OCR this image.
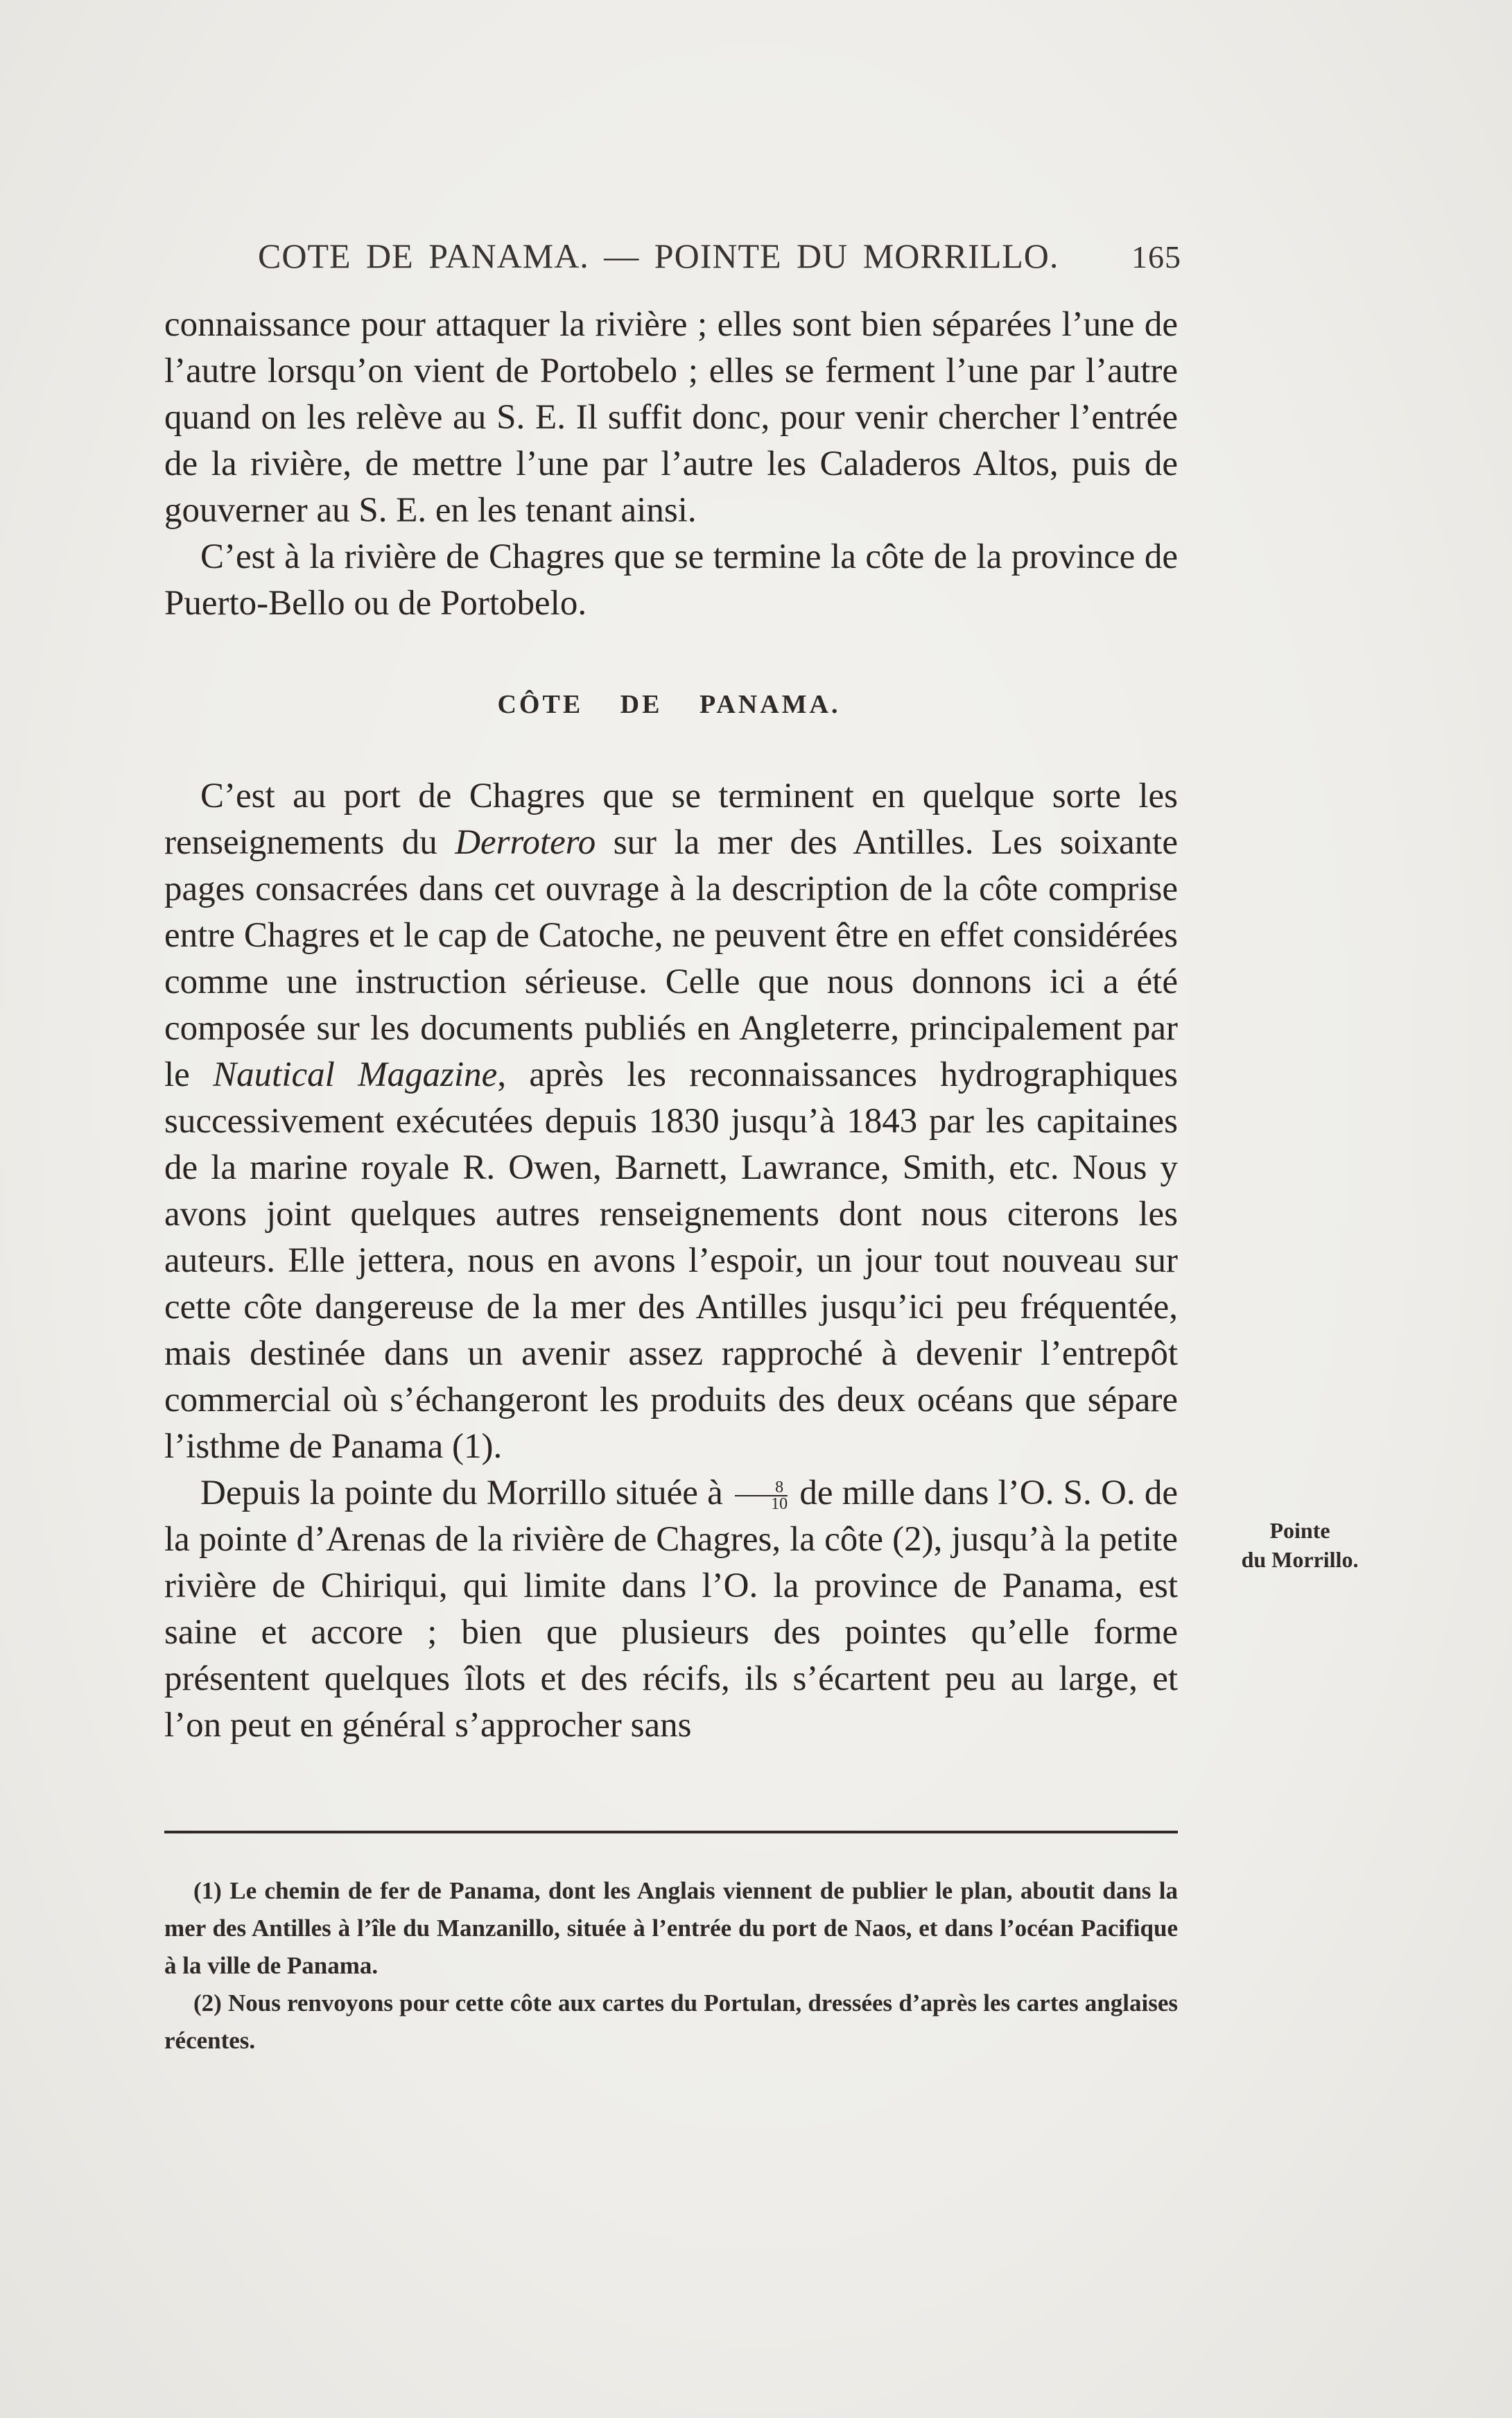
COTE DE PANAMA. — POINTE DU MORRILLO. 165

connaissance pour attaquer la rivière ; elles sont bien séparées l’une de l’autre lorsqu’on vient de Portobelo ; elles se ferment l’une par l’autre quand on les relève au S. E. Il suffit donc, pour venir chercher l’entrée de la rivière, de mettre l’une par l’autre les Caladeros Altos, puis de gouverner au S. E. en les tenant ainsi.

C’est à la rivière de Chagres que se termine la côte de la province de Puerto-Bello ou de Portobelo.

CÔTE DE PANAMA.

C’est au port de Chagres que se terminent en quelque sorte les renseignements du Derrotero sur la mer des Antilles. Les soixante pages consacrées dans cet ouvrage à la description de la côte comprise entre Chagres et le cap de Catoche, ne peuvent être en effet considérées comme une instruction sérieuse. Celle que nous donnons ici a été composée sur les documents publiés en Angleterre, principalement par le Nautical Magazine, après les reconnaissances hydrographiques successivement exécutées depuis 1830 jusqu’à 1843 par les capitaines de la marine royale R. Owen, Barnett, Lawrance, Smith, etc. Nous y avons joint quelques autres renseignements dont nous citerons les auteurs. Elle jettera, nous en avons l’espoir, un jour tout nouveau sur cette côte dangereuse de la mer des Antilles jusqu’ici peu fréquentée, mais destinée dans un avenir assez rapproché à devenir l’entrepôt commercial où s’échangeront les produits des deux océans que sépare l’isthme de Panama (1).

Depuis la pointe du Morrillo située à $\frac{8}{10}$ de mille dans l’O. S. O. de la pointe d’Arenas de la rivière de Chagres, la côte (2), jusqu’à la petite rivière de Chiriqui, qui limite dans l’O. la province de Panama, est saine et accore ; bien que plusieurs des pointes qu’elle forme présentent quelques îlots et des récifs, ils s’écartent peu au large, et l’on peut en général s’approcher sans

Pointe
du Morrillo.

(1) Le chemin de fer de Panama, dont les Anglais viennent de publier le plan, aboutit dans la mer des Antilles à l’île du Manzanillo, située à l’entrée du port de Naos, et dans l’océan Pacifique à la ville de Panama.

(2) Nous renvoyons pour cette côte aux cartes du Portulan, dressées d’après les cartes anglaises récentes.
